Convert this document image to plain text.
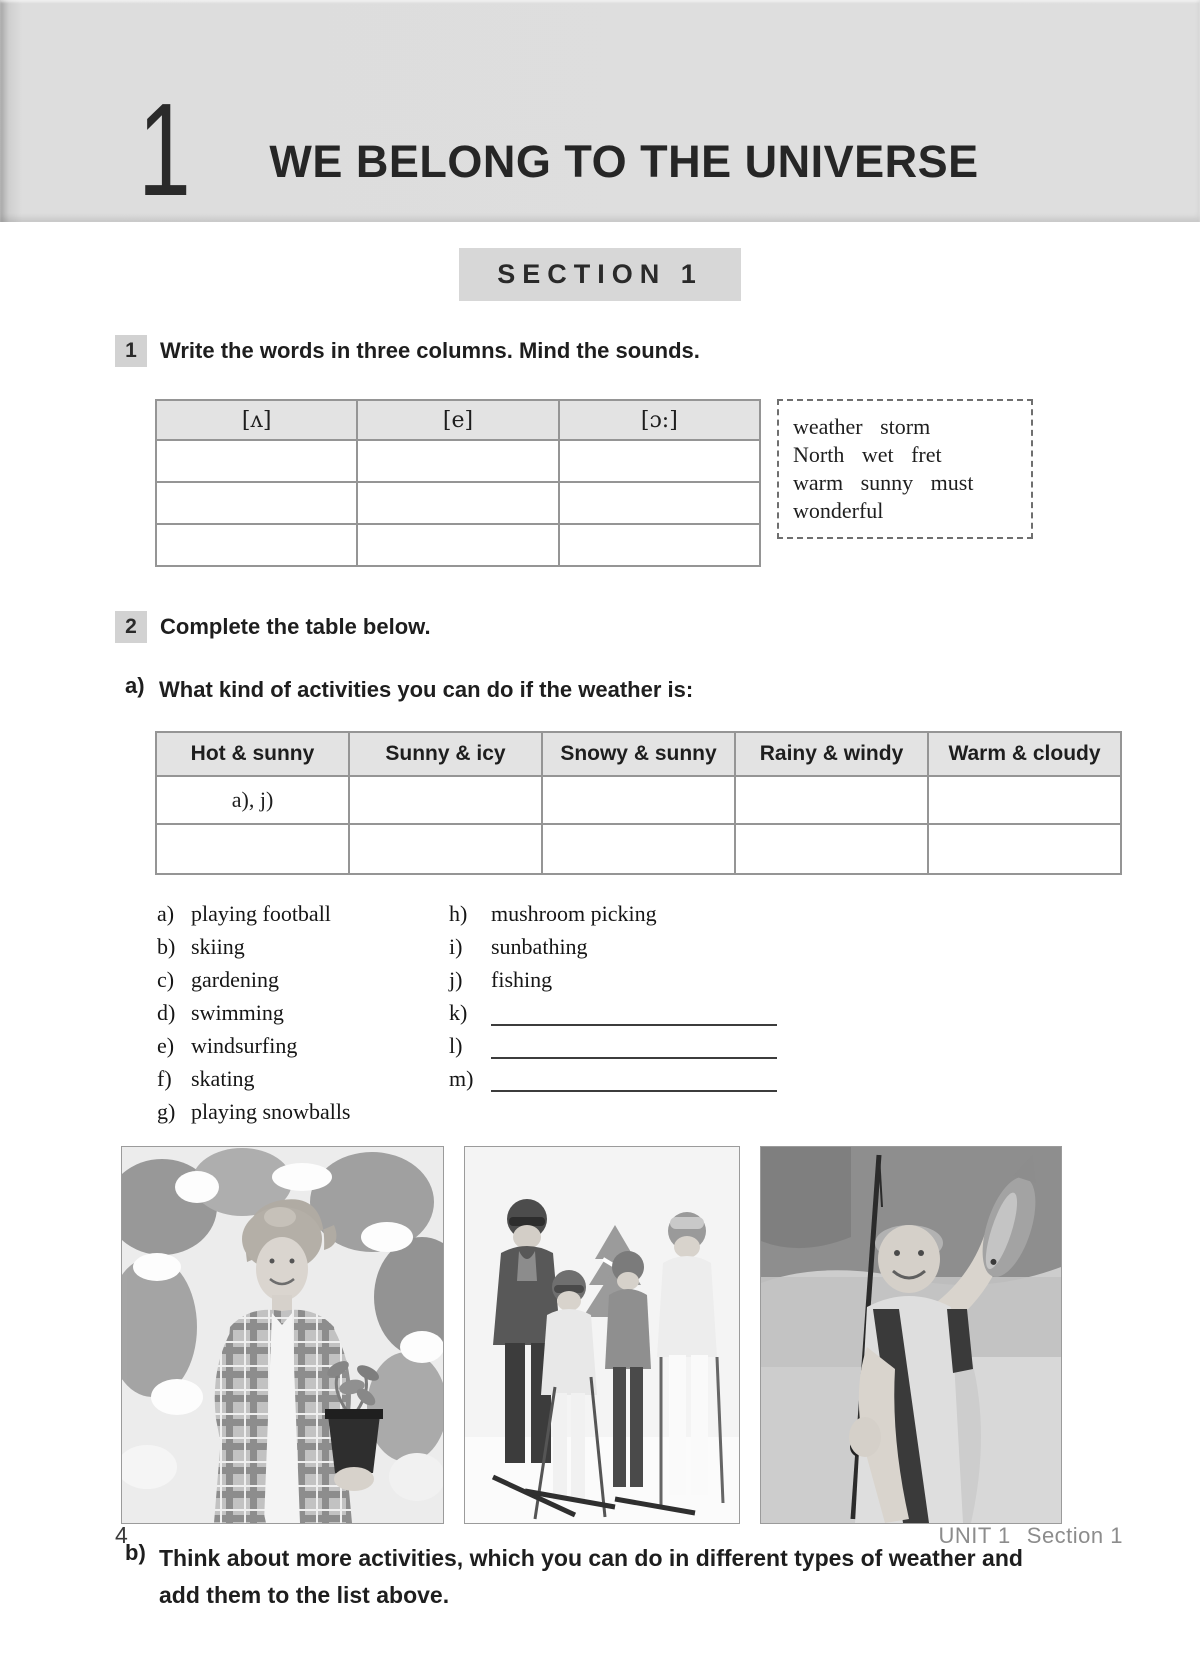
1 WE BELONG TO THE UNIVERSE
SECTION 1
1	Write the words in three columns. Mind the sounds.
[ʌ]	[e]	[ɔ:]

			weather storm
North wet fret
warm sunny must
wonderful
2	Complete the table below.
a) What kind of activities you can do if the weather is:
Hot & sunny	Sunny & icy	Snowy & sunny	Rainy & windy	Warm & cloudy
a), j)				

a) playing football
b) skiing
c) gardening
d) swimming
e) windsurfing
f) skating
g) playing snowballs
h)	mushroom picking
i)	sunbathing
j)	fishing
k)
l)
m)
b) Think about more activities, which you can do in different types of weather and add them to the list above.
4	UNIT 1 Section 1
